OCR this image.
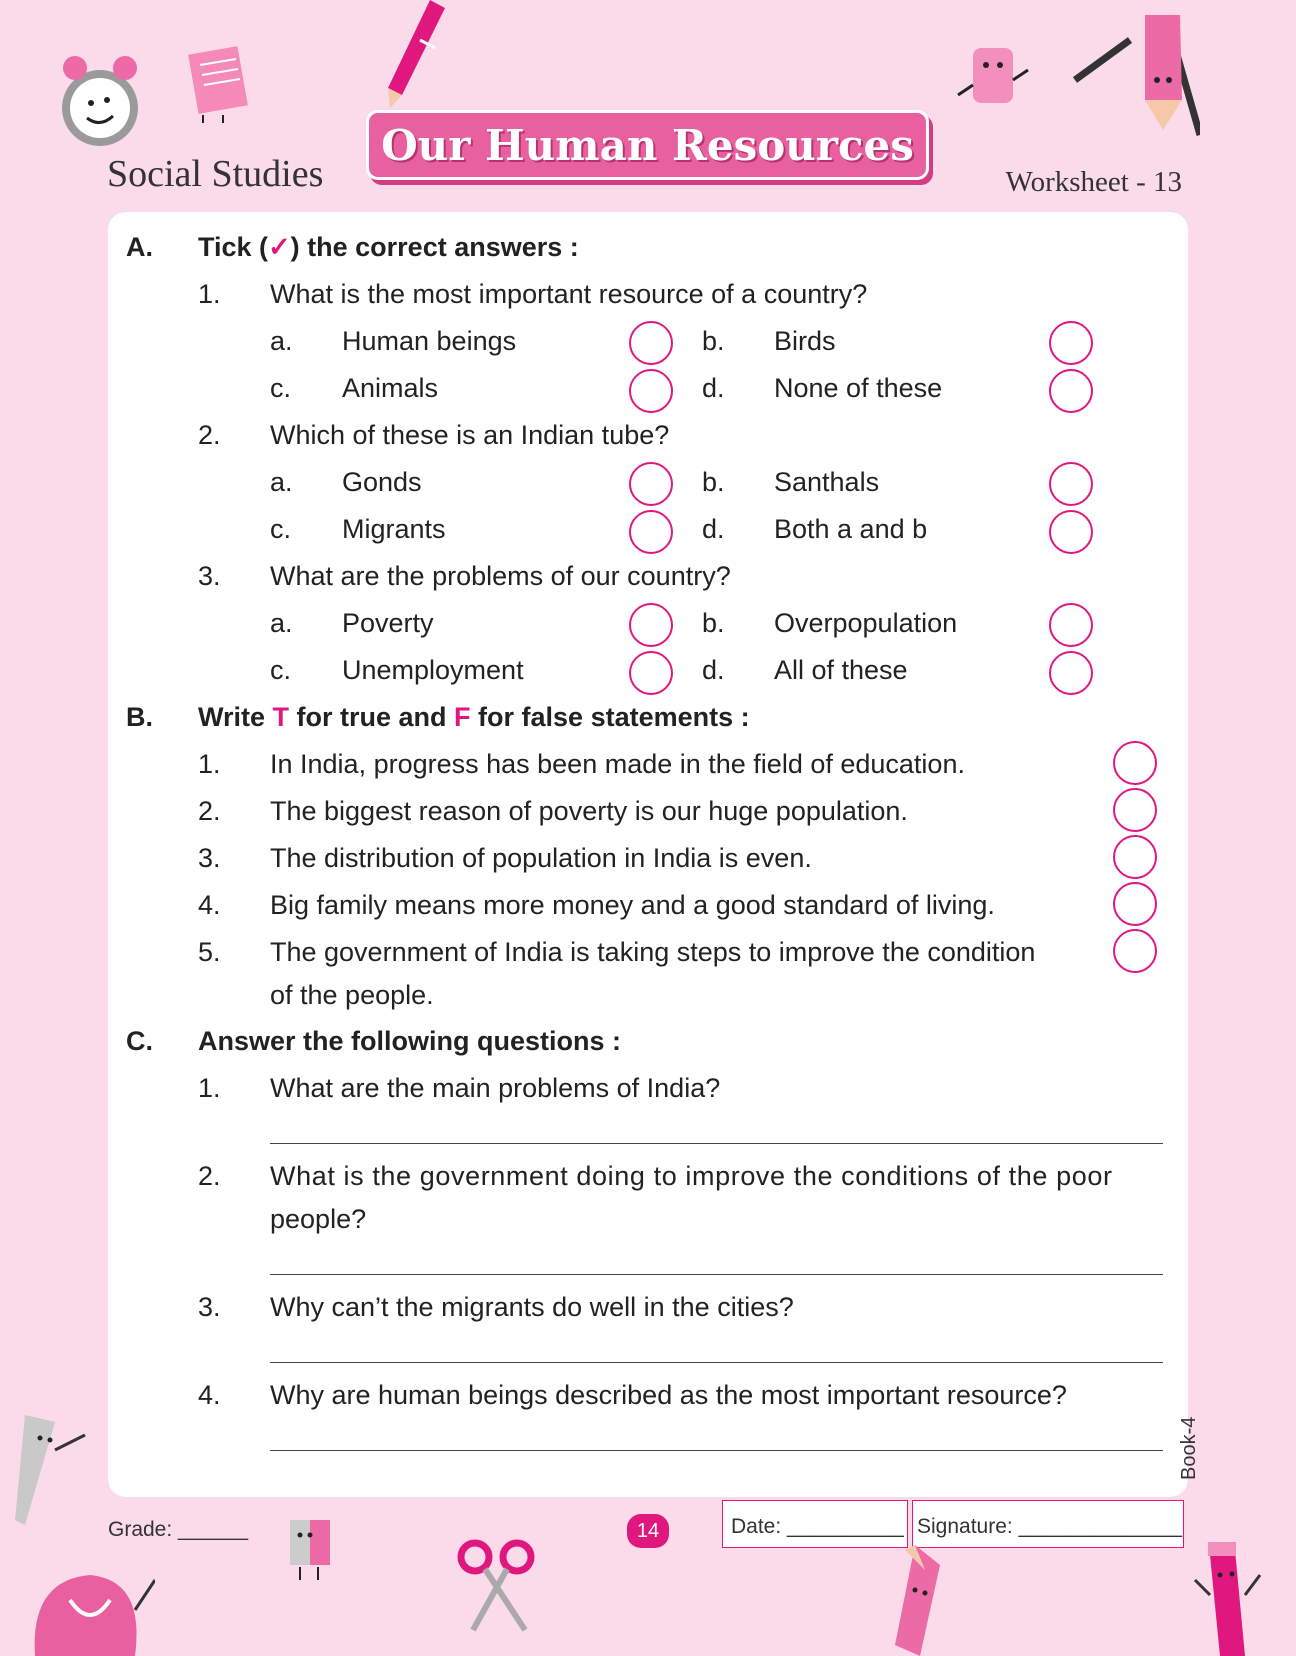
Social Studies
Our Human Resources
Worksheet - 13
A. Tick (✓) the correct answers :
1. What is the most important resource of a country?
a. Human beings	b. Birds
c. Animals	d. None of these
2. Which of these is an Indian tube?
a. Gonds	b. Santhals
c. Migrants	d. Both a and b
3. What are the problems of our country?
a. Poverty	b. Overpopulation
c. Unemployment	d. All of these
B. Write T for true and F for false statements :
1. In India, progress has been made in the field of education.
2. The biggest reason of poverty is our huge population.
3. The distribution of population in India is even.
4. Big family means more money and a good standard of living.
5. The government of India is taking steps to improve the condition
of the people.
C. Answer the following questions :
1. What are the main problems of India?
2. What is the government doing to improve the conditions of the poor
people?
3. Why can’t the migrants do well in the cities?
4. Why are human beings described as the most important resource?
Book-4
Grade: ______	14	Date: __________ Signature: ______________
